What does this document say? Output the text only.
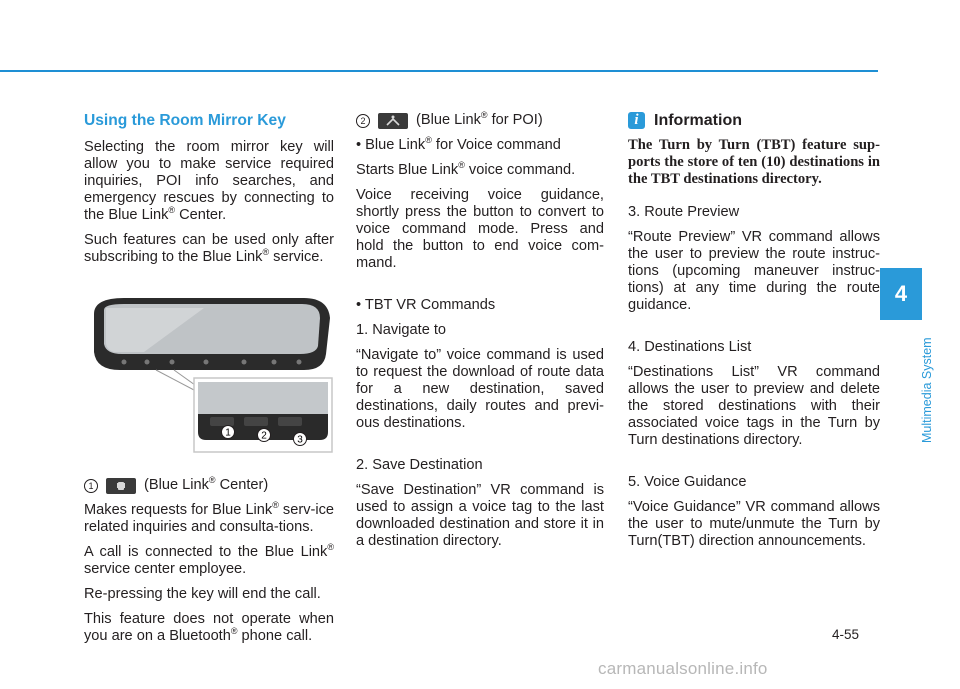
Using the Room Mirror Key

Selecting the room mirror key will allow you to make service required inquiries, POI info searches, and emergency rescues by connecting to the Blue Link® Center.

Such features can be used only after subscribing to the Blue Link® service.

1	2	3

1	(Blue Link® Center)

Makes requests for Blue Link® serv-ice related inquiries and consulta-tions.

A call is connected to the Blue Link® service center employee.

Re-pressing the key will end the call.

This feature does not operate when you are on a Bluetooth® phone call.

2	(Blue Link® for POI)

• Blue Link® for Voice command

Starts Blue Link® voice command.

Voice receiving voice guidance, shortly press the button to convert to voice command mode. Press and hold the button to end voice com-mand.

• TBT VR Commands

1. Navigate to

“Navigate to” voice command is used to request the download of route data for a new destination, saved destinations, daily routes and previ-ous destinations.

2. Save Destination

“Save Destination” VR command is used to assign a voice tag to the last downloaded destination and store it in a destination directory.

i Information

The Turn by Turn (TBT) feature sup-ports the store of ten (10) destinations in the TBT destinations directory.

3. Route Preview

“Route Preview” VR command allows the user to preview the route instruc-tions (upcoming maneuver instruc-tions) at any time during the route guidance.

4. Destinations List

“Destinations List” VR command allows the user to preview and delete the stored destinations with their associated voice tags in the Turn by Turn destinations directory.

5. Voice Guidance

“Voice Guidance” VR command allows the user to mute/unmute the Turn by Turn(TBT) direction announcements.

4
Multimedia System
4-55
carmanualsonline.info
